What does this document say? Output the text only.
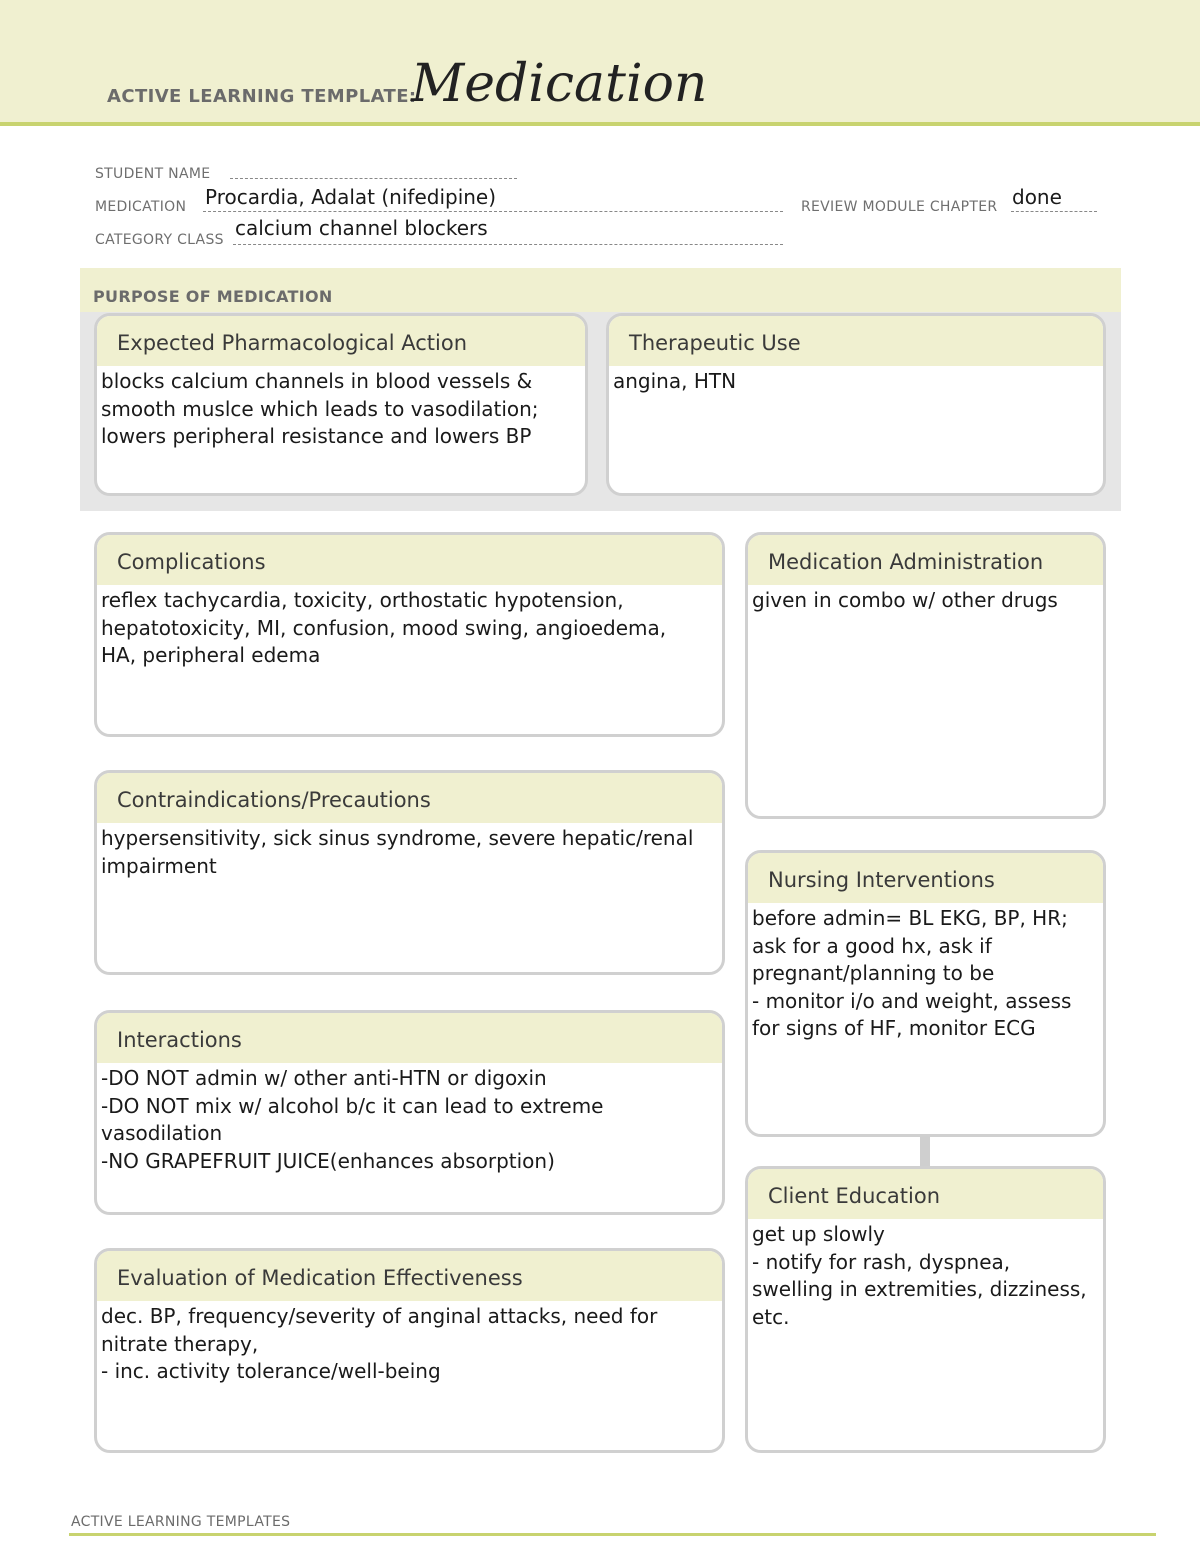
ACTIVE LEARNING TEMPLATE:
Medication
STUDENT NAME
MEDICATION Procardia, Adalat (nifedipine)	REVIEW MODULE CHAPTER done
CATEGORY CLASS calcium channel blockers
PURPOSE OF MEDICATION
Expected Pharmacological Action
blocks calcium channels in blood vessels &
smooth muslce which leads to vasodilation;
lowers peripheral resistance and lowers BP
Therapeutic Use
angina, HTN
Complications
reflex tachycardia, toxicity, orthostatic hypotension,
hepatotoxicity, MI, confusion, mood swing, angioedema,
HA, peripheral edema
Contraindications/Precautions
hypersensitivity, sick sinus syndrome, severe hepatic/renal
impairment
Interactions
-DO NOT admin w/ other anti-HTN or digoxin
-DO NOT mix w/ alcohol b/c it can lead to extreme
vasodilation
-NO GRAPEFRUIT JUICE(enhances absorption)
Evaluation of Medication Effectiveness
dec. BP, frequency/severity of anginal attacks, need for
nitrate therapy,
- inc. activity tolerance/well-being
Medication Administration
given in combo w/ other drugs
Nursing Interventions
before admin= BL EKG, BP, HR;
ask for a good hx, ask if
pregnant/planning to be
- monitor i/o and weight, assess
for signs of HF, monitor ECG
Client Education
get up slowly
- notify for rash, dyspnea,
swelling in extremities, dizziness,
etc.
ACTIVE LEARNING TEMPLATES
